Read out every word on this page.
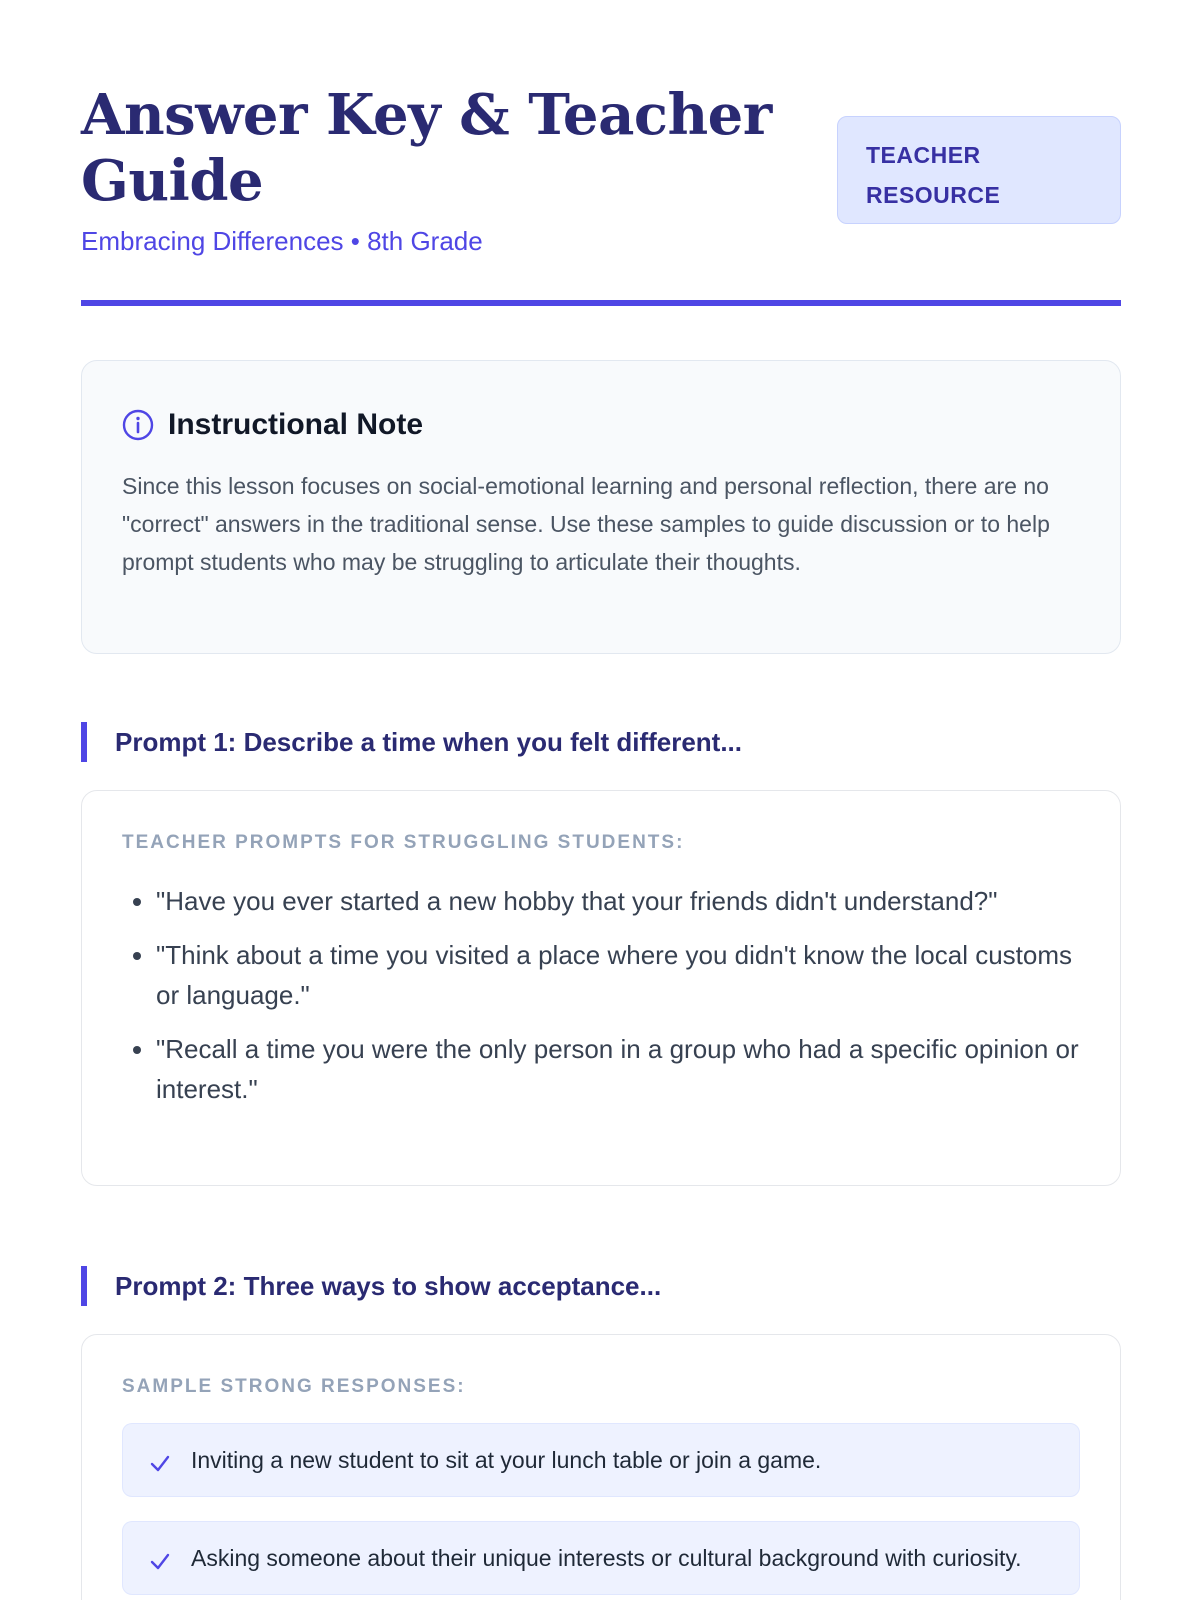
Answer Key & Teacher Guide
Embracing Differences • 8th Grade
TEACHER RESOURCE
Instructional Note
Since this lesson focuses on social-emotional learning and personal reflection, there are no "correct" answers in the traditional sense. Use these samples to guide discussion or to help prompt students who may be struggling to articulate their thoughts.
Prompt 1: Describe a time when you felt different...
TEACHER PROMPTS FOR STRUGGLING STUDENTS:
• "Have you ever started a new hobby that your friends didn't understand?"
• "Think about a time you visited a place where you didn't know the local customs or language."
• "Recall a time you were the only person in a group who had a specific opinion or interest."
Prompt 2: Three ways to show acceptance...
SAMPLE STRONG RESPONSES:
Inviting a new student to sit at your lunch table or join a game.
Asking someone about their unique interests or cultural background with curiosity.
